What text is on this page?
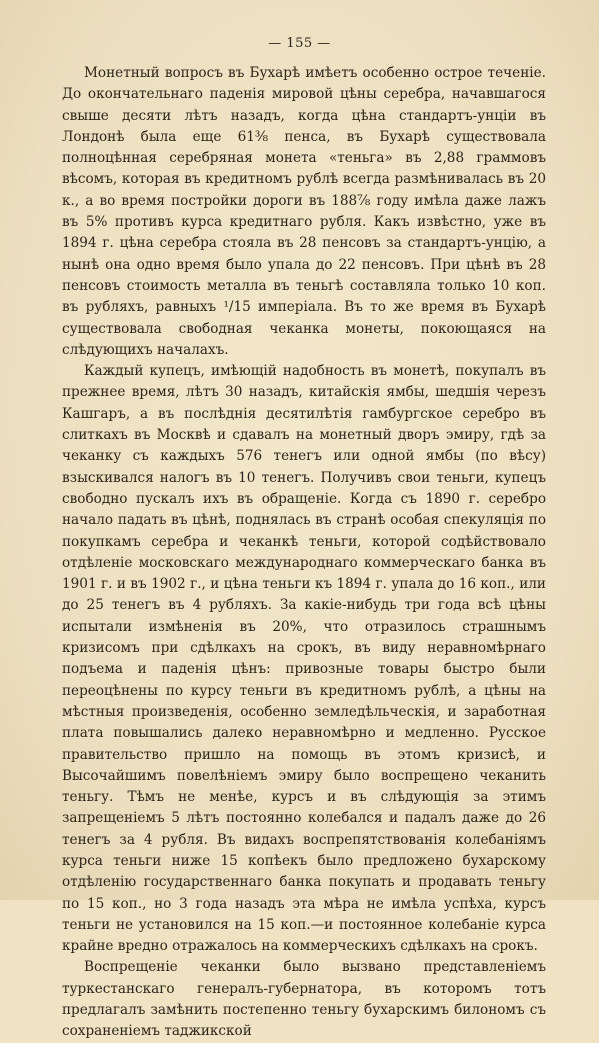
— 155 —

Монетный вопросъ въ Бухарѣ имѣетъ особенно острое теченіе. До окончательнаго паденія мировой цѣны серебра, начавшагося свыше десяти лѣтъ назадъ, когда цѣна стандартъ-унціи въ Лондонѣ была еще 61⅜ пенса, въ Бухарѣ существовала полноцѣнная серебряная монета «теньга» въ 2,88 граммовъ вѣсомъ, которая въ кредитномъ рублѣ всегда размѣнивалась въ 20 к., а во время постройки дороги въ 188⅞ году имѣла даже лажъ въ 5% противъ курса кредитнаго рубля. Какъ извѣстно, уже въ 1894 г. цѣна серебра стояла въ 28 пенсовъ за стандартъ-унцію, а нынѣ она одно время было упала до 22 пенсовъ. При цѣнѣ въ 28 пенсовъ стоимость металла въ теньгѣ составляла только 10 коп. въ рубляхъ, равныхъ ¹/15 имперіала. Въ то же время въ Бухарѣ существовала свободная чеканка монеты, покоющаяся на слѣдующихъ началахъ.

Каждый купецъ, имѣющій надобность въ монетѣ, покупалъ въ прежнее время, лѣтъ 30 назадъ, китайскія ямбы, шедшія черезъ Кашгаръ, а въ послѣднія десятилѣтія гамбургское серебро въ слиткахъ въ Москвѣ и сдавалъ на монетный дворъ эмиру, гдѣ за чеканку съ каждыхъ 576 тенегъ или одной ямбы (по вѣсу) взыскивался налогъ въ 10 тенегъ. Получивъ свои теньги, купецъ свободно пускалъ ихъ въ обращеніе. Когда съ 1890 г. серебро начало падать въ цѣнѣ, поднялась въ странѣ особая спекуляція по покупкамъ серебра и чеканкѣ теньги, которой содѣйствовало отдѣленіе московскаго международнаго коммерческаго банка въ 1901 г. и въ 1902 г., и цѣна теньги къ 1894 г. упала до 16 коп., или до 25 тенегъ въ 4 рубляхъ. За какіе-нибудь три года всѣ цѣны испытали измѣненія въ 20%, что отразилось страшнымъ кризисомъ при сдѣлкахъ на срокъ, въ виду неравномѣрнаго подъема и паденія цѣнъ: привозные товары быстро были переоцѣнены по курсу теньги въ кредитномъ рублѣ, а цѣны на мѣстныя произведенія, особенно земледѣльческія, и заработная плата повышались далеко неравномѣрно и медленно. Русское правительство пришло на помощь въ этомъ кризисѣ, и Высочайшимъ повелѣніемъ эмиру было воспрещено чеканить теньгу. Тѣмъ не менѣе, курсъ и въ слѣдующія за этимъ запрещеніемъ 5 лѣтъ постоянно колебался и падалъ даже до 26 тенегъ за 4 рубля. Въ видахъ воспрепятствованія колебаніямъ курса теньги ниже 15 копѣекъ было предложено бухарскому отдѣленію государственнаго банка покупать и продавать теньгу по 15 коп., но 3 года назадъ эта мѣра не имѣла успѣха, курсъ теньги не установился на 15 коп.—и постоянное колебаніе курса крайне вредно отражалось на коммерческихъ сдѣлкахъ на срокъ.

Воспрещеніе чеканки было вызвано представленіемъ туркестанскаго генералъ-губернатора, въ которомъ тотъ предлагалъ замѣнить постепенно теньгу бухарскимъ билономъ съ сохраненіемъ таджикской
